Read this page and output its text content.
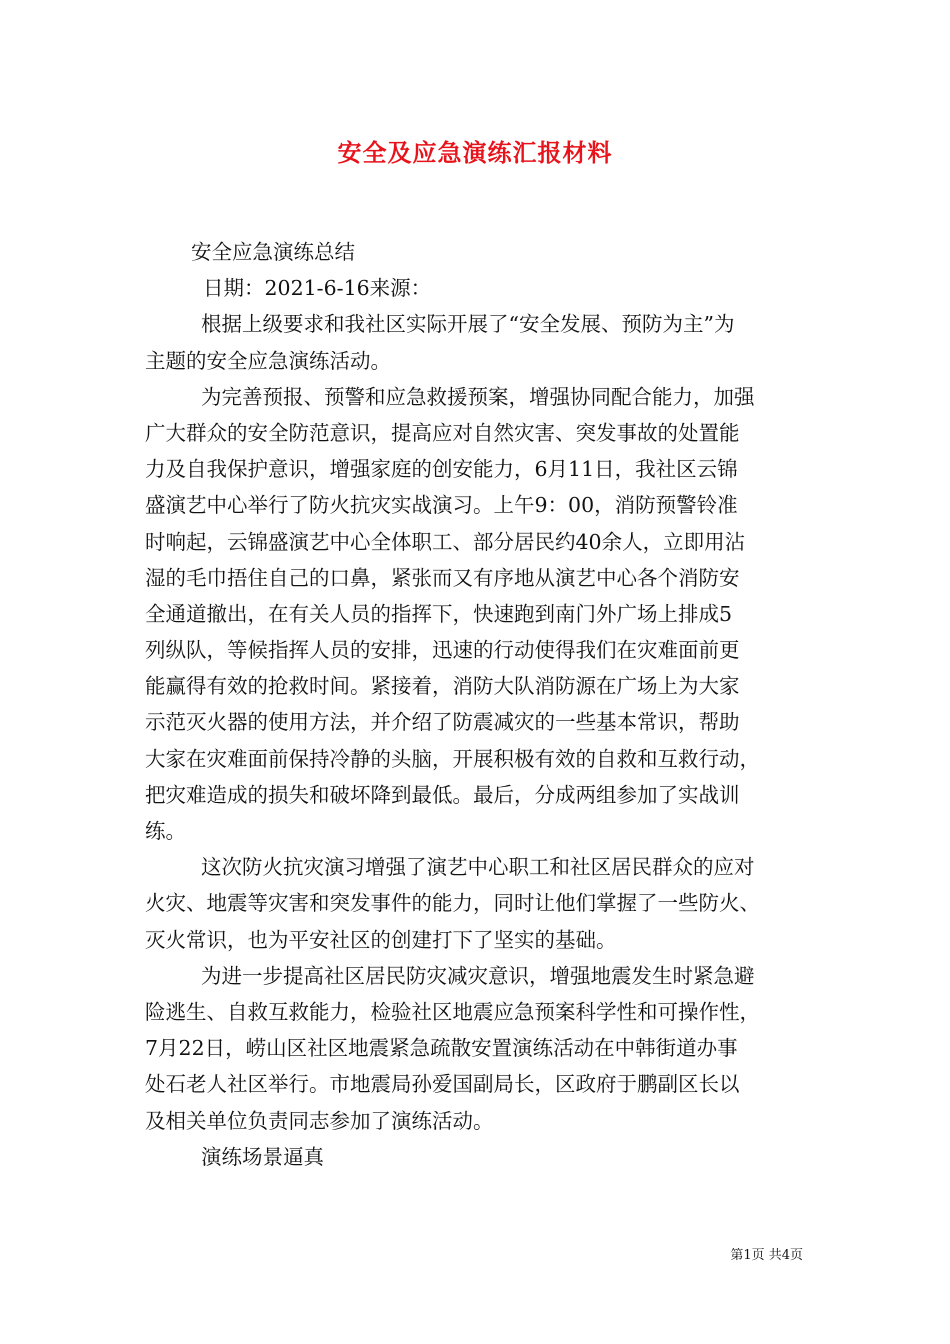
安全及应急演练汇报材料

安全应急演练总结

日期：2021-6-16来源：

根据上级要求和我社区实际开展了“安全发展、预防为主”为

主题的安全应急演练活动。

为完善预报、预警和应急救援预案，增强协同配合能力，加强

广大群众的安全防范意识，提高应对自然灾害、突发事故的处置能

力及自我保护意识，增强家庭的创安能力，6月11日，我社区云锦

盛演艺中心举行了防火抗灾实战演习。上午9：00，消防预警铃准

时响起，云锦盛演艺中心全体职工、部分居民约40余人，立即用沾

湿的毛巾捂住自己的口鼻，紧张而又有序地从演艺中心各个消防安

全通道撤出，在有关人员的指挥下，快速跑到南门外广场上排成5

列纵队，等候指挥人员的安排，迅速的行动使得我们在灾难面前更

能赢得有效的抢救时间。紧接着，消防大队消防源在广场上为大家

示范灭火器的使用方法，并介绍了防震减灾的一些基本常识，帮助

大家在灾难面前保持冷静的头脑，开展积极有效的自救和互救行动，

把灾难造成的损失和破坏降到最低。最后，分成两组参加了实战训

练。

这次防火抗灾演习增强了演艺中心职工和社区居民群众的应对

火灾、地震等灾害和突发事件的能力，同时让他们掌握了一些防火、

灭火常识，也为平安社区的创建打下了坚实的基础。

为进一步提高社区居民防灾减灾意识，增强地震发生时紧急避

险逃生、自救互救能力，检验社区地震应急预案科学性和可操作性，

7月22日，崂山区社区地震紧急疏散安置演练活动在中韩街道办事

处石老人社区举行。市地震局孙爱国副局长，区政府于鹏副区长以

及相关单位负责同志参加了演练活动。

演练场景逼真

第1页 共4页
